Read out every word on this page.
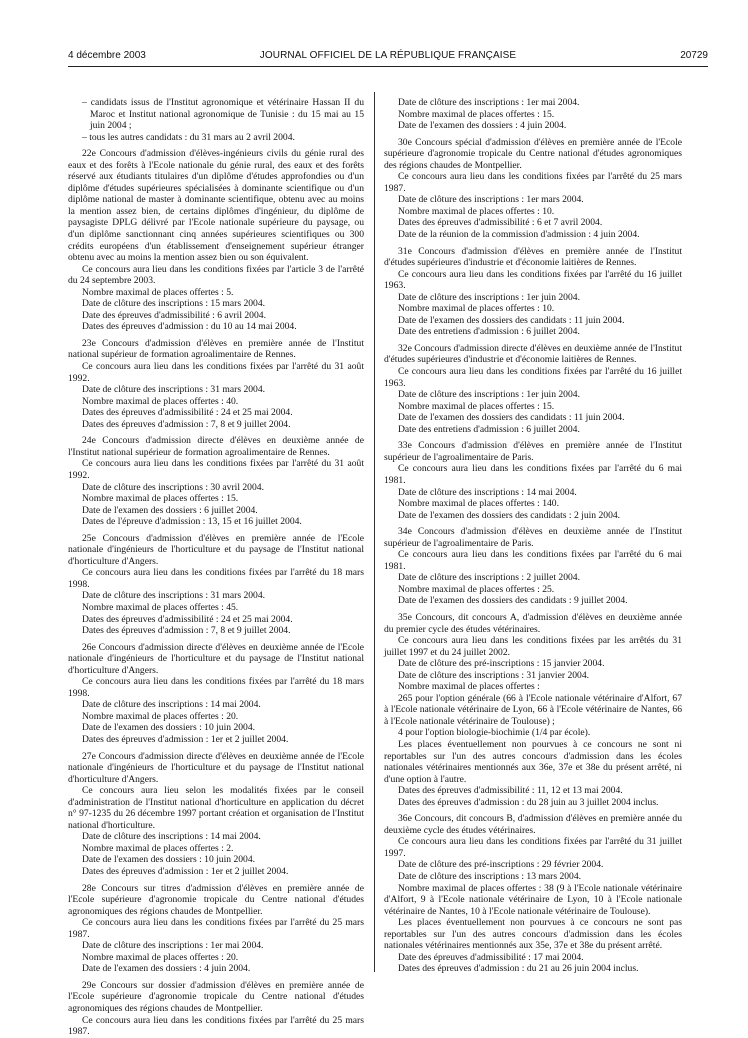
4 décembre 2003	JOURNAL OFFICIEL DE LA RÉPUBLIQUE FRANÇAISE	20729

– candidats issus de l'Institut agronomique et vétérinaire Hassan II du Maroc et Institut national agronomique de Tunisie : du 15 mai au 15 juin 2004 ;

– tous les autres candidats : du 31 mars au 2 avril 2004.

22e Concours d'admission d'élèves-ingénieurs civils du génie rural des eaux et des forêts à l'Ecole nationale du génie rural, des eaux et des forêts réservé aux étudiants titulaires d'un diplôme d'études approfondies ou d'un diplôme d'études supérieures spécialisées à dominante scientifique ou d'un diplôme national de master à dominante scientifique, obtenu avec au moins la mention assez bien, de certains diplômes d'ingénieur, du diplôme de paysagiste DPLG délivré par l'Ecole nationale supérieure du paysage, ou d'un diplôme sanctionnant cinq années supérieures scientifiques ou 300 crédits européens d'un établissement d'enseignement supérieur étranger obtenu avec au moins la mention assez bien ou son équivalent.

Ce concours aura lieu dans les conditions fixées par l'article 3 de l'arrêté du 24 septembre 2003.

Nombre maximal de places offertes : 5.

Date de clôture des inscriptions : 15 mars 2004.

Date des épreuves d'admissibilité : 6 avril 2004.

Dates des épreuves d'admission : du 10 au 14 mai 2004.

23e Concours d'admission d'élèves en première année de l'Institut national supérieur de formation agroalimentaire de Rennes.

Ce concours aura lieu dans les conditions fixées par l'arrêté du 31 août 1992.

Date de clôture des inscriptions : 31 mars 2004.

Nombre maximal de places offertes : 40.

Dates des épreuves d'admissibilité : 24 et 25 mai 2004.

Dates des épreuves d'admission : 7, 8 et 9 juillet 2004.

24e Concours d'admission directe d'élèves en deuxième année de l'Institut national supérieur de formation agroalimentaire de Rennes.

Ce concours aura lieu dans les conditions fixées par l'arrêté du 31 août 1992.

Date de clôture des inscriptions : 30 avril 2004.

Nombre maximal de places offertes : 15.

Date de l'examen des dossiers : 6 juillet 2004.

Dates de l'épreuve d'admission : 13, 15 et 16 juillet 2004.

25e Concours d'admission d'élèves en première année de l'Ecole nationale d'ingénieurs de l'horticulture et du paysage de l'Institut national d'horticulture d'Angers.

Ce concours aura lieu dans les conditions fixées par l'arrêté du 18 mars 1998.

Date de clôture des inscriptions : 31 mars 2004.

Nombre maximal de places offertes : 45.

Dates des épreuves d'admissibilité : 24 et 25 mai 2004.

Dates des épreuves d'admission : 7, 8 et 9 juillet 2004.

26e Concours d'admission directe d'élèves en deuxième année de l'Ecole nationale d'ingénieurs de l'horticulture et du paysage de l'Institut national d'horticulture d'Angers.

Ce concours aura lieu dans les conditions fixées par l'arrêté du 18 mars 1998.

Date de clôture des inscriptions : 14 mai 2004.

Nombre maximal de places offertes : 20.

Date de l'examen des dossiers : 10 juin 2004.

Dates des épreuves d'admission : 1er et 2 juillet 2004.

27e Concours d'admission directe d'élèves en deuxième année de l'Ecole nationale d'ingénieurs de l'horticulture et du paysage de l'Institut national d'horticulture d'Angers.

Ce concours aura lieu selon les modalités fixées par le conseil d'administration de l'Institut national d'horticulture en application du décret n° 97-1235 du 26 décembre 1997 portant création et organisation de l'Institut national d'horticulture.

Date de clôture des inscriptions : 14 mai 2004.

Nombre maximal de places offertes : 2.

Date de l'examen des dossiers : 10 juin 2004.

Dates des épreuves d'admission : 1er et 2 juillet 2004.

28e Concours sur titres d'admission d'élèves en première année de l'Ecole supérieure d'agronomie tropicale du Centre national d'études agronomiques des régions chaudes de Montpellier.

Ce concours aura lieu dans les conditions fixées par l'arrêté du 25 mars 1987.

Date de clôture des inscriptions : 1er mai 2004.

Nombre maximal de places offertes : 20.

Date de l'examen des dossiers : 4 juin 2004.

29e Concours sur dossier d'admission d'élèves en première année de l'Ecole supérieure d'agronomie tropicale du Centre national d'études agronomiques des régions chaudes de Montpellier.

Ce concours aura lieu dans les conditions fixées par l'arrêté du 25 mars 1987.

Date de clôture des inscriptions : 1er mai 2004.

Nombre maximal de places offertes : 15.

Date de l'examen des dossiers : 4 juin 2004.

30e Concours spécial d'admission d'élèves en première année de l'Ecole supérieure d'agronomie tropicale du Centre national d'études agronomiques des régions chaudes de Montpellier.

Ce concours aura lieu dans les conditions fixées par l'arrêté du 25 mars 1987.

Date de clôture des inscriptions : 1er mars 2004.

Nombre maximal de places offertes : 10.

Dates des épreuves d'admissibilité : 6 et 7 avril 2004.

Date de la réunion de la commission d'admission : 4 juin 2004.

31e Concours d'admission d'élèves en première année de l'Institut d'études supérieures d'industrie et d'économie laitières de Rennes.

Ce concours aura lieu dans les conditions fixées par l'arrêté du 16 juillet 1963.

Date de clôture des inscriptions : 1er juin 2004.

Nombre maximal de places offertes : 10.

Date de l'examen des dossiers des candidats : 11 juin 2004.

Date des entretiens d'admission : 6 juillet 2004.

32e Concours d'admission directe d'élèves en deuxième année de l'Institut d'études supérieures d'industrie et d'économie laitières de Rennes.

Ce concours aura lieu dans les conditions fixées par l'arrêté du 16 juillet 1963.

Date de clôture des inscriptions : 1er juin 2004.

Nombre maximal de places offertes : 15.

Date de l'examen des dossiers des candidats : 11 juin 2004.

Date des entretiens d'admission : 6 juillet 2004.

33e Concours d'admission d'élèves en première année de l'Institut supérieur de l'agroalimentaire de Paris.

Ce concours aura lieu dans les conditions fixées par l'arrêté du 6 mai 1981.

Date de clôture des inscriptions : 14 mai 2004.

Nombre maximal de places offertes : 140.

Date de l'examen des dossiers des candidats : 2 juin 2004.

34e Concours d'admission d'élèves en deuxième année de l'Institut supérieur de l'agroalimentaire de Paris.

Ce concours aura lieu dans les conditions fixées par l'arrêté du 6 mai 1981.

Date de clôture des inscriptions : 2 juillet 2004.

Nombre maximal de places offertes : 25.

Date de l'examen des dossiers des candidats : 9 juillet 2004.

35e Concours, dit concours A, d'admission d'élèves en deuxième année du premier cycle des études vétérinaires.

Ce concours aura lieu dans les conditions fixées par les arrêtés du 31 juillet 1997 et du 24 juillet 2002.

Date de clôture des pré-inscriptions : 15 janvier 2004.

Date de clôture des inscriptions : 31 janvier 2004.

Nombre maximal de places offertes :

265 pour l'option générale (66 à l'Ecole nationale vétérinaire d'Alfort, 67 à l'Ecole nationale vétérinaire de Lyon, 66 à l'Ecole vétérinaire de Nantes, 66 à l'Ecole nationale vétérinaire de Toulouse) ;

4 pour l'option biologie-biochimie (1/4 par école).

Les places éventuellement non pourvues à ce concours ne sont ni reportables sur l'un des autres concours d'admission dans les écoles nationales vétérinaires mentionnés aux 36e, 37e et 38e du présent arrêté, ni d'une option à l'autre.

Dates des épreuves d'admissibilité : 11, 12 et 13 mai 2004.

Dates des épreuves d'admission : du 28 juin au 3 juillet 2004 inclus.

36e Concours, dit concours B, d'admission d'élèves en première année du deuxième cycle des études vétérinaires.

Ce concours aura lieu dans les conditions fixées par l'arrêté du 31 juillet 1997.

Date de clôture des pré-inscriptions : 29 février 2004.

Date de clôture des inscriptions : 13 mars 2004.

Nombre maximal de places offertes : 38 (9 à l'Ecole nationale vétérinaire d'Alfort, 9 à l'Ecole nationale vétérinaire de Lyon, 10 à l'Ecole nationale vétérinaire de Nantes, 10 à l'Ecole nationale vétérinaire de Toulouse).

Les places éventuellement non pourvues à ce concours ne sont pas reportables sur l'un des autres concours d'admission dans les écoles nationales vétérinaires mentionnés aux 35e, 37e et 38e du présent arrêté.

Date des épreuves d'admissibilité : 17 mai 2004.

Dates des épreuves d'admission : du 21 au 26 juin 2004 inclus.
